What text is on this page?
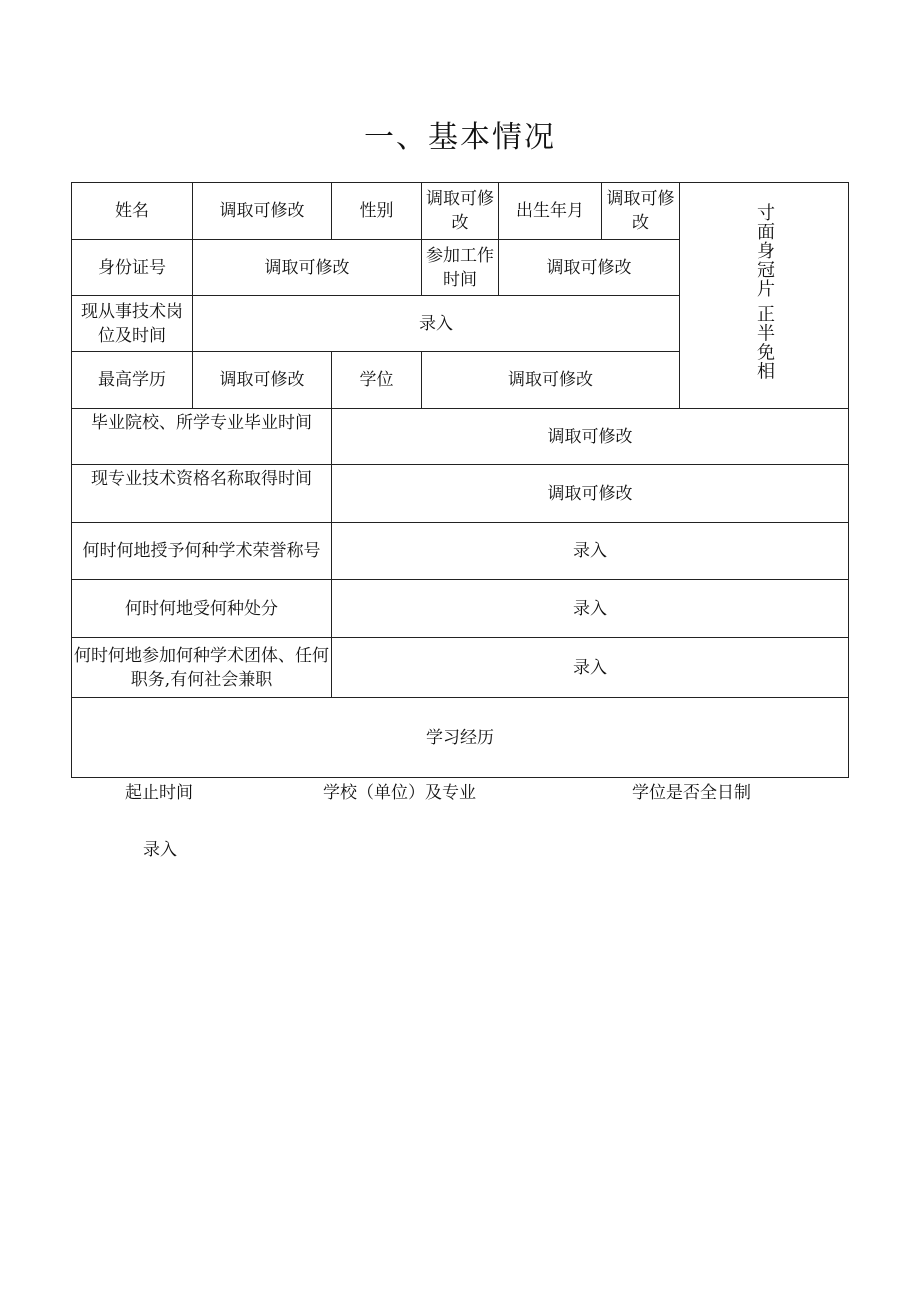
一、基本情况
姓名	调取可修改	性别	调取可修改	出生年月	调取可修改	寸面身冠片 正半免相
身份证号	调取可修改		参加工作时间	调取可修改		
现从事技术岗位及时间	录入					
最高学历	调取可修改	学位	调取可修改			
毕业院校、所学专业毕业时间		调取可修改				
现专业技术资格名称取得时间		调取可修改				
何时何地授予何种学术荣誉称号		录入				
何时何地受何种处分		录入				
何时何地参加何种学术团体、任何职务,有何社会兼职		录入				
学习经历						
起止时间	学校（单位）及专业	学位是否全日制
录入
